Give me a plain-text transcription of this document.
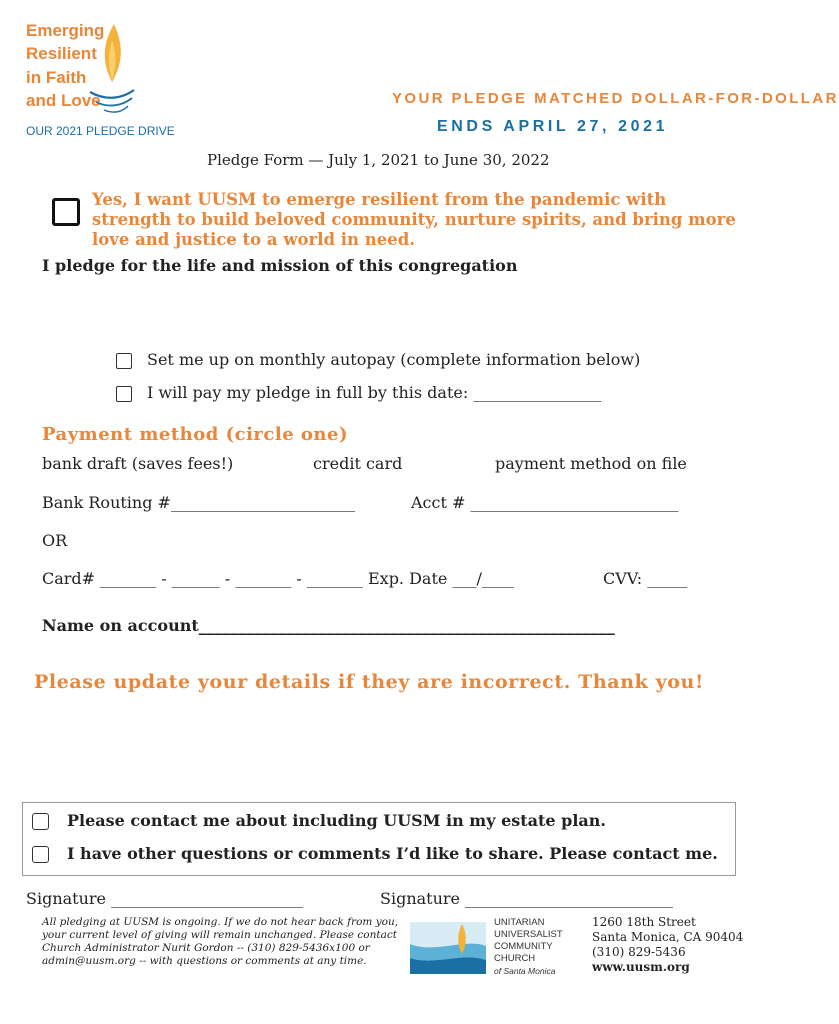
Emerging
Resilient
in Faith
and Love
OUR 2021 PLEDGE DRIVE
YOUR PLEDGE MATCHED DOLLAR-FOR-DOLLAR
ENDS APRIL 27, 2021
Pledge Form — July 1, 2021 to June 30, 2022
Yes, I want UUSM to emerge resilient from the pandemic with
strength to build beloved community, nurture spirits, and bring more
love and justice to a world in need.
I pledge for the life and mission of this congregation
Set me up on monthly autopay (complete information below)
I will pay my pledge in full by this date: ________________
Payment method (circle one)
bank draft (saves fees!)	credit card	payment method on file
Bank Routing #_______________________	Acct # __________________________
OR
Card# _______ - ______ - _______ - _______ Exp. Date ___/____	CVV: _____
Name on account____________________________________________________
Please update your details if they are incorrect. Thank you!
Please contact me about including UUSM in my estate plan.
I have other questions or comments I’d like to share. Please contact me.
Signature ________________________	Signature __________________________
All pledging at UUSM is ongoing. If we do not hear back from you,
your current level of giving will remain unchanged. Please contact
Church Administrator Nurit Gordon -- (310) 829-5436x100 or
admin@uusm.org -- with questions or comments at any time.
UNITARIAN
UNIVERSALIST
COMMUNITY
CHURCH
of Santa Monica
1260 18th Street
Santa Monica, CA 90404
(310) 829-5436
www.uusm.org
